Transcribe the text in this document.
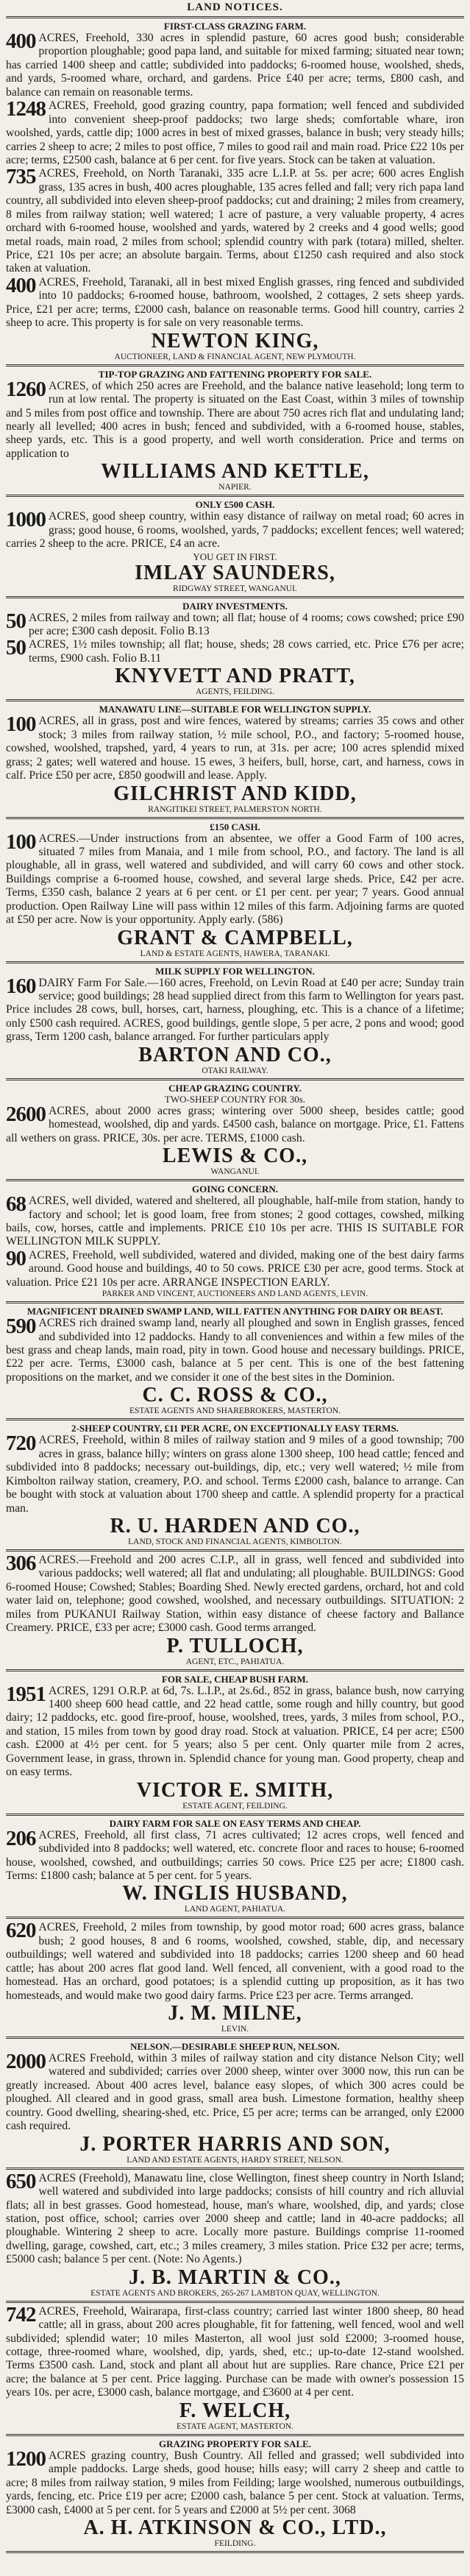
LAND NOTICES.
FIRST-CLASS GRAZING FARM.
400 ACRES, Freehold, 330 acres in splendid pasture, 60 acres good bush; considerable proportion ploughable; good papa land, and suitable for mixed farming; situated near town; has carried 1400 sheep and cattle; subdivided into paddocks; 6-roomed house, woolshed, sheds, and yards, 5-roomed whare, orchard, and gardens. Price £40 per acre; terms, £800 cash, and balance can remain on reasonable terms.
1248 ACRES, Freehold, good grazing country, papa formation; well fenced and subdivided into convenient sheep-proof paddocks; two large sheds; comfortable whare, iron woolshed, yards, cattle dip; 1000 acres in best of mixed grasses, balance in bush; very steady hills; carries 2 sheep to acre; 2 miles to post office, 7 miles to good rail and main road. Price £22 10s per acre; terms, £2500 cash, balance at 6 per cent. for five years. Stock can be taken at valuation.
735 ACRES, Freehold, on North Taranaki, 335 acre L.I.P. at 5s. per acre; 600 acres English grass, 135 acres in bush, 400 acres ploughable, 135 acres felled and fall; very rich papa land country, all subdivided into eleven sheep-proof paddocks; cut and draining; 2 miles from creamery, 8 miles from railway station; well watered; 1 acre of pasture, a very valuable property, 4 acres orchard with 6-roomed house, woolshed and yards, watered by 2 creeks and 4 good wells; good metal roads, main road, 2 miles from school; splendid country with park (totara) milled, shelter. Price, £21 10s per acre; an absolute bargain. Terms, about £1250 cash required and also stock taken at valuation.
400 ACRES, Freehold, Taranaki, all in best mixed English grasses, ring fenced and subdivided into 10 paddocks; 6-roomed house, bathroom, woolshed, 2 cottages, 2 sets sheep yards. Price, £21 per acre; terms, £2000 cash, balance on reasonable terms. Good hill country, carries 2 sheep to acre. This property is for sale on very reasonable terms.
NEWTON KING,
AUCTIONEER, LAND & FINANCIAL AGENT, NEW PLYMOUTH.
TIP-TOP GRAZING AND FATTENING PROPERTY FOR SALE.
1260 ACRES, of which 250 acres are Freehold, and the balance native leasehold; long term to run at low rental. The property is situated on the East Coast, within 3 miles of township and 5 miles from post office and township. There are about 750 acres rich flat and undulating land; nearly all levelled; 400 acres in bush; fenced and subdivided, with a 6-roomed house, stables, sheep yards, etc. This is a good property, and well worth consideration. Price and terms on application to
WILLIAMS AND KETTLE,
NAPIER.
ONLY £500 CASH.
1000 ACRES, good sheep country, within easy distance of railway on metal road; 60 acres in grass; good house, 6 rooms, woolshed, yards, 7 paddocks; excellent fences; well watered; carries 2 sheep to the acre. PRICE, £4 an acre.
YOU GET IN FIRST.
IMLAY SAUNDERS,
RIDGWAY STREET, WANGANUI.
DAIRY INVESTMENTS.
50 ACRES, 2 miles from railway and town; all flat; house of 4 rooms; cows cowshed; price £90 per acre; £300 cash deposit. Folio B.13
50 ACRES, 1½ miles township; all flat; house, sheds; 28 cows carried, etc. Price £76 per acre; terms, £900 cash. Folio B.11
KNYVETT AND PRATT,
AGENTS, FEILDING.
MANAWATU LINE—SUITABLE FOR WELLINGTON SUPPLY.
100 ACRES, all in grass, post and wire fences, watered by streams; carries 35 cows and other stock; 3 miles from railway station, ½ mile school, P.O., and factory; 5-roomed house, cowshed, woolshed, trapshed, yard, 4 years to run, at 31s. per acre; 100 acres splendid mixed grass; 2 gates; well watered and house. 15 ewes, 3 heifers, bull, horse, cart, and harness, cows in calf. Price £50 per acre, £850 goodwill and lease. Apply.
GILCHRIST AND KIDD,
RANGITIKEI STREET, PALMERSTON NORTH.
£150 CASH.
100 ACRES.—Under instructions from an absentee, we offer a Good Farm of 100 acres, situated 7 miles from Manaia, and 1 mile from school, P.O., and factory. The land is all ploughable, all in grass, well watered and subdivided, and will carry 60 cows and other stock. Buildings comprise a 6-roomed house, cowshed, and several large sheds. Price, £42 per acre. Terms, £350 cash, balance 2 years at 6 per cent. or £1 per cent. per year; 7 years. Good annual production. Open Railway Line will pass within 12 miles of this farm. Adjoining farms are quoted at £50 per acre. Now is your opportunity. Apply early. (586)
GRANT & CAMPBELL,
LAND & ESTATE AGENTS, HAWERA, TARANAKI.
MILK SUPPLY FOR WELLINGTON.
160 DAIRY Farm For Sale.—160 acres, Freehold, on Levin Road at £40 per acre; Sunday train service; good buildings; 28 head supplied direct from this farm to Wellington for years past. Price includes 28 cows, bull, horses, cart, harness, ploughing, etc. This is a chance of a lifetime; only £500 cash required. ACRES, good buildings, gentle slope, 5 per acre, 2 pons and wood; good grass, Term 1200 cash, balance arranged. For further particulars apply
BARTON AND CO.,
OTAKI RAILWAY.
CHEAP GRAZING COUNTRY.
TWO-SHEEP COUNTRY FOR 30s.
2600 ACRES, about 2000 acres grass; wintering over 5000 sheep, besides cattle; good homestead, woolshed, dip and yards. £4500 cash, balance on mortgage. Price, £1. Fattens all wethers on grass. PRICE, 30s. per acre. TERMS, £1000 cash.
LEWIS & CO.,
WANGANUI.
GOING CONCERN.
68 ACRES, well divided, watered and sheltered, all ploughable, half-mile from station, handy to factory and school; let is good loam, free from stones; 2 good cottages, cowshed, milking bails, cow, horses, cattle and implements. PRICE £10 10s per acre. THIS IS SUITABLE FOR WELLINGTON MILK SUPPLY.
90 ACRES, Freehold, well subdivided, watered and divided, making one of the best dairy farms around. Good house and buildings, 40 to 50 cows. PRICE £30 per acre, good terms. Stock at valuation. Price £21 10s per acre. ARRANGE INSPECTION EARLY.
PARKER AND VINCENT, AUCTIONEERS AND LAND AGENTS, LEVIN.
MAGNIFICENT DRAINED SWAMP LAND, WILL FATTEN ANYTHING FOR DAIRY OR BEAST.
590 ACRES rich drained swamp land, nearly all ploughed and sown in English grasses, fenced and subdivided into 12 paddocks. Handy to all conveniences and within a few miles of the best grass and cheap lands, main road, pity in town. Good house and necessary buildings. PRICE, £22 per acre. Terms, £3000 cash, balance at 5 per cent. This is one of the best fattening propositions on the market, and we consider it one of the best sites in the Dominion.
C. C. ROSS & CO.,
ESTATE AGENTS AND SHAREBROKERS, MASTERTON.
2-SHEEP COUNTRY, £11 PER ACRE, ON EXCEPTIONALLY EASY TERMS.
720 ACRES, Freehold, within 8 miles of railway station and 9 miles of a good township; 700 acres in grass, balance hilly; winters on grass alone 1300 sheep, 100 head cattle; fenced and subdivided into 8 paddocks; necessary out-buildings, dip, etc.; very well watered; ½ mile from Kimbolton railway station, creamery, P.O. and school. Terms £2000 cash, balance to arrange. Can be bought with stock at valuation about 1700 sheep and cattle. A splendid property for a practical man.
R. U. HARDEN AND CO.,
LAND, STOCK AND FINANCIAL AGENTS, KIMBOLTON.
306 ACRES.—Freehold and 200 acres C.I.P., all in grass, well fenced and subdivided into various paddocks; well watered; all flat and undulating; all ploughable. BUILDINGS: Good 6-roomed House; Cowshed; Stables; Boarding Shed. Newly erected gardens, orchard, hot and cold water laid on, telephone; good cowshed, woolshed, and necessary outbuildings. SITUATION: 2 miles from PUKANUI Railway Station, within easy distance of cheese factory and Ballance Creamery. PRICE, £33 per acre; £3000 cash. Good terms arranged.
P. TULLOCH,
AGENT, ETC., PAHIATUA.
FOR SALE, CHEAP BUSH FARM.
1951 ACRES, 1291 O.R.P. at 6d, 7s. L.I.P., at 2s.6d., 852 in grass, balance bush, now carrying 1400 sheep 600 head cattle, and 22 head cattle, some rough and hilly country, but good dairy; 12 paddocks, etc. good fire-proof, house, woolshed, trees, yards, 3 miles from school, P.O., and station, 15 miles from town by good dray road. Stock at valuation. PRICE, £4 per acre; £500 cash. £2000 at 4½ per cent. for 5 years; also 5 per cent. Only quarter mile from 2 acres, Government lease, in grass, thrown in. Splendid chance for young man. Good property, cheap and on easy terms.
VICTOR E. SMITH,
ESTATE AGENT, FEILDING.
DAIRY FARM FOR SALE ON EASY TERMS AND CHEAP.
206 ACRES, Freehold, all first class, 71 acres cultivated; 12 acres crops, well fenced and subdivided into 8 paddocks; well watered, etc. concrete floor and races to house; 6-roomed house, woolshed, cowshed, and outbuildings; carries 50 cows. Price £25 per acre; £1800 cash. Terms: £1800 cash; balance at 5 per cent. for 5 years.
W. INGLIS HUSBAND,
LAND AGENT, PAHIATUA.
620 ACRES, Freehold, 2 miles from township, by good motor road; 600 acres grass, balance bush; 2 good houses, 8 and 6 rooms, woolshed, cowshed, stable, dip, and necessary outbuildings; well watered and subdivided into 18 paddocks; carries 1200 sheep and 60 head cattle; has about 200 acres flat good land. Well fenced, all convenient, with a good road to the homestead. Has an orchard, good potatoes; is a splendid cutting up proposition, as it has two homesteads, and would make two good dairy farms. Price £23 per acre. Terms arranged.
J. M. MILNE,
LEVIN.
NELSON.—DESIRABLE SHEEP RUN, NELSON.
2000 ACRES Freehold, within 3 miles of railway station and city distance Nelson City; well watered and subdivided; carries over 2000 sheep, winter over 3000 now, this run can be greatly increased. About 400 acres level, balance easy slopes, of which 300 acres could be ploughed. All cleared and in good grass, small area bush. Limestone formation, healthy sheep country. Good dwelling, shearing-shed, etc. Price, £5 per acre; terms can be arranged, only £2000 cash required.
J. PORTER HARRIS AND SON,
LAND AND ESTATE AGENTS, HARDY STREET, NELSON.
650 ACRES (Freehold), Manawatu line, close Wellington, finest sheep country in North Island; well watered and subdivided into large paddocks; consists of hill country and rich alluvial flats; all in best grasses. Good homestead, house, man's whare, woolshed, dip, and yards; close station, post office, school; carries over 2000 sheep and cattle; land in 40-acre paddocks; all ploughable. Wintering 2 sheep to acre. Locally more pasture. Buildings comprise 11-roomed dwelling, garage, cowshed, cart, etc.; 3 miles creamery, 3 miles station. Price £32 per acre; terms, £5000 cash; balance 5 per cent. (Note: No Agents.)
J. B. MARTIN & CO.,
ESTATE AGENTS AND BROKERS, 265-267 LAMBTON QUAY, WELLINGTON.
742 ACRES, Freehold, Wairarapa, first-class country; carried last winter 1800 sheep, 80 head cattle; all in grass, about 200 acres ploughable, fit for fattening, well fenced, wool and well subdivided; splendid water; 10 miles Masterton, all wool just sold £2000; 3-roomed house, cottage, three-roomed whare, woolshed, dip, yards, shed, etc.; up-to-date 12-stand woolshed. Terms £3500 cash. Land, stock and plant all about hut are supplies. Rare chance, Price £21 per acre; the balance at 5 per cent. Price lagging. Purchase can be made with owner's possession 15 years 10s. per acre, £3000 cash, balance mortgage, and £3600 at 4 per cent.
F. WELCH,
ESTATE AGENT, MASTERTON.
GRAZING PROPERTY FOR SALE.
1200 ACRES grazing country, Bush Country. All felled and grassed; well subdivided into ample paddocks. Large sheds, good house; hills easy; will carry 2 sheep and cattle to acre; 8 miles from railway station, 9 miles from Feilding; large woolshed, numerous outbuildings, yards, fencing, etc. Price £19 per acre; £2000 cash, balance 5 per cent. Stock at valuation. Terms, £3000 cash, £4000 at 5 per cent. for 5 years and £2000 at 5½ per cent. 3068
A. H. ATKINSON & CO., LTD.,
FEILDING.
